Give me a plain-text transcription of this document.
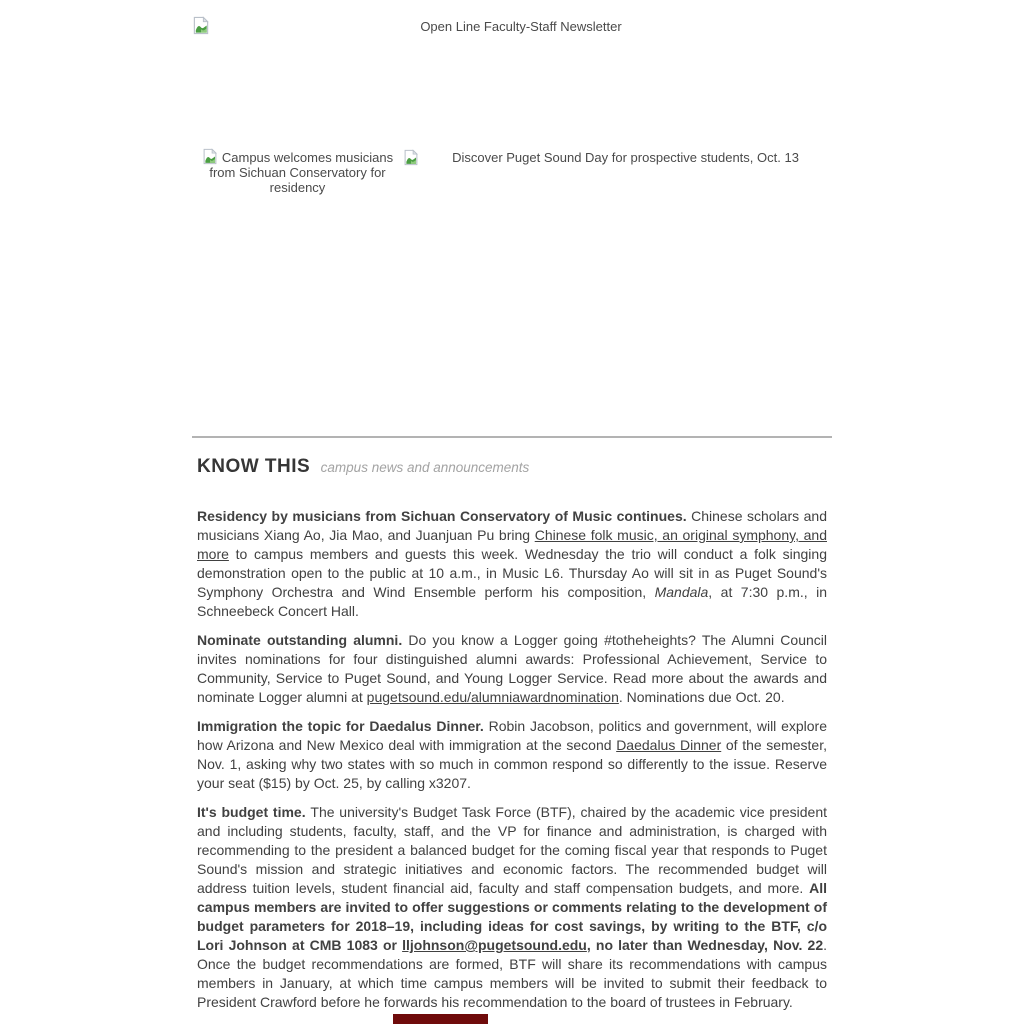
Open Line Faculty-Staff Newsletter
Campus welcomes musicians from Sichuan Conservatory for residency
Discover Puget Sound Day for prospective students, Oct. 13
KNOW THIS campus news and announcements

Residency by musicians from Sichuan Conservatory of Music continues. Chinese scholars and musicians Xiang Ao, Jia Mao, and Juanjuan Pu bring Chinese folk music, an original symphony, and more to campus members and guests this week. Wednesday the trio will conduct a folk singing demonstration open to the public at 10 a.m., in Music L6. Thursday Ao will sit in as Puget Sound's Symphony Orchestra and Wind Ensemble perform his composition, Mandala, at 7:30 p.m., in Schneebeck Concert Hall.

Nominate outstanding alumni. Do you know a Logger going #totheheights? The Alumni Council invites nominations for four distinguished alumni awards: Professional Achievement, Service to Community, Service to Puget Sound, and Young Logger Service. Read more about the awards and nominate Logger alumni at pugetsound.edu/alumniawardnomination. Nominations due Oct. 20.

Immigration the topic for Daedalus Dinner. Robin Jacobson, politics and government, will explore how Arizona and New Mexico deal with immigration at the second Daedalus Dinner of the semester, Nov. 1, asking why two states with so much in common respond so differently to the issue. Reserve your seat ($15) by Oct. 25, by calling x3207.

It's budget time. The university's Budget Task Force (BTF), chaired by the academic vice president and including students, faculty, staff, and the VP for finance and administration, is charged with recommending to the president a balanced budget for the coming fiscal year that responds to Puget Sound's mission and strategic initiatives and economic factors. The recommended budget will address tuition levels, student financial aid, faculty and staff compensation budgets, and more. All campus members are invited to offer suggestions or comments relating to the development of budget parameters for 2018–19, including ideas for cost savings, by writing to the BTF, c/o Lori Johnson at CMB 1083 or lljohnson@pugetsound.edu, no later than Wednesday, Nov. 22. Once the budget recommendations are formed, BTF will share its recommendations with campus members in January, at which time campus members will be invited to submit their feedback to President Crawford before he forwards his recommendation to the board of trustees in February.
